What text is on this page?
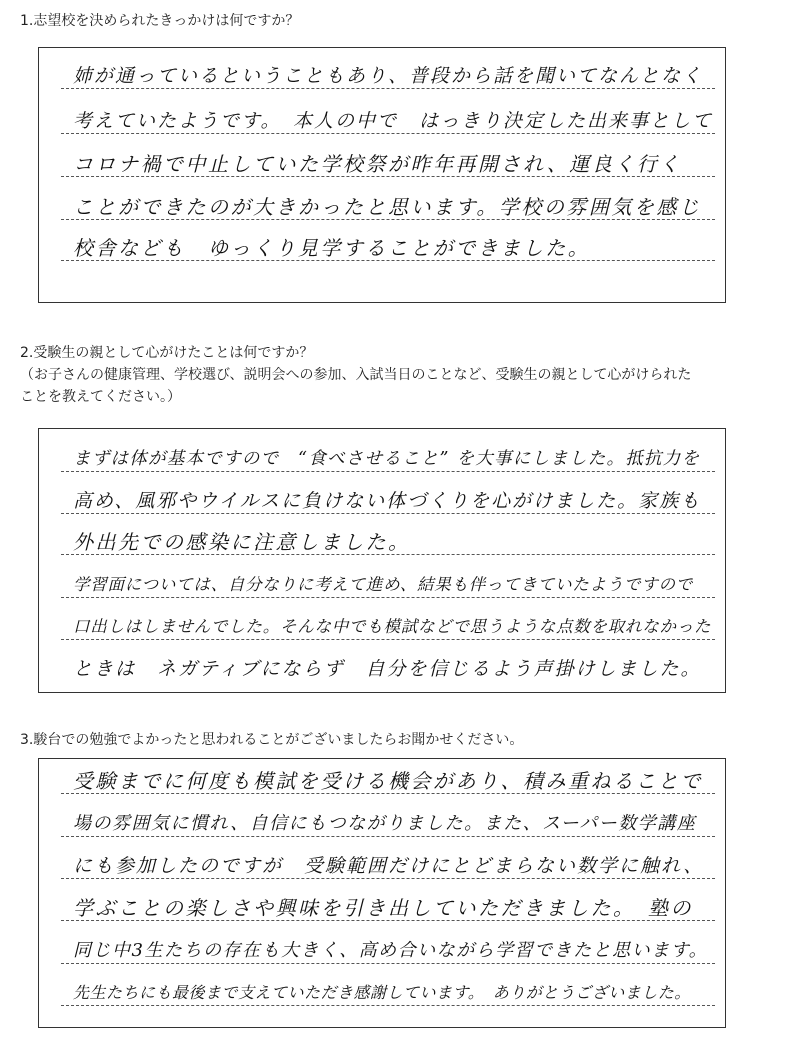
1.志望校を決められたきっかけは何ですか？
姉が通っているということもあり、普段から話を聞いてなんとなく
考えていたようです。　本人の中で　はっきり決定した出来事として
コロナ禍で中止していた学校祭が昨年再開され、運良く行く
ことができたのが大きかったと思います。学校の雰囲気を感じ
校舎なども　ゆっくり見学することができました。
2.受験生の親として心がけたことは何ですか？
（お子さんの健康管理、学校選び、説明会への参加、入試当日のことなど、受験生の親として心がけられた
ことを教えてください。）
まずは体が基本ですので　“食べさせること” を大事にしました。抵抗力を
高め、風邪やウイルスに負けない体づくりを心がけました。家族も
外出先での感染に注意しました。
学習面については、自分なりに考えて進め、結果も伴ってきていたようですので
口出しはしませんでした。そんな中でも模試などで思うような点数を取れなかった
ときは　ネガティブにならず　自分を信じるよう声掛けしました。
3.駿台での勉強でよかったと思われることがございましたらお聞かせください。
受験までに何度も模試を受ける機会があり、積み重ねることで
場の雰囲気に慣れ、自信にもつながりました。また、スーパー数学講座
にも参加したのですが　受験範囲だけにとどまらない数学に触れ、
学ぶことの楽しさや興味を引き出していただきました。　塾の
同じ中3生たちの存在も大きく、高め合いながら学習できたと思います。
先生たちにも最後まで支えていただき感謝しています。　ありがとうございました。
